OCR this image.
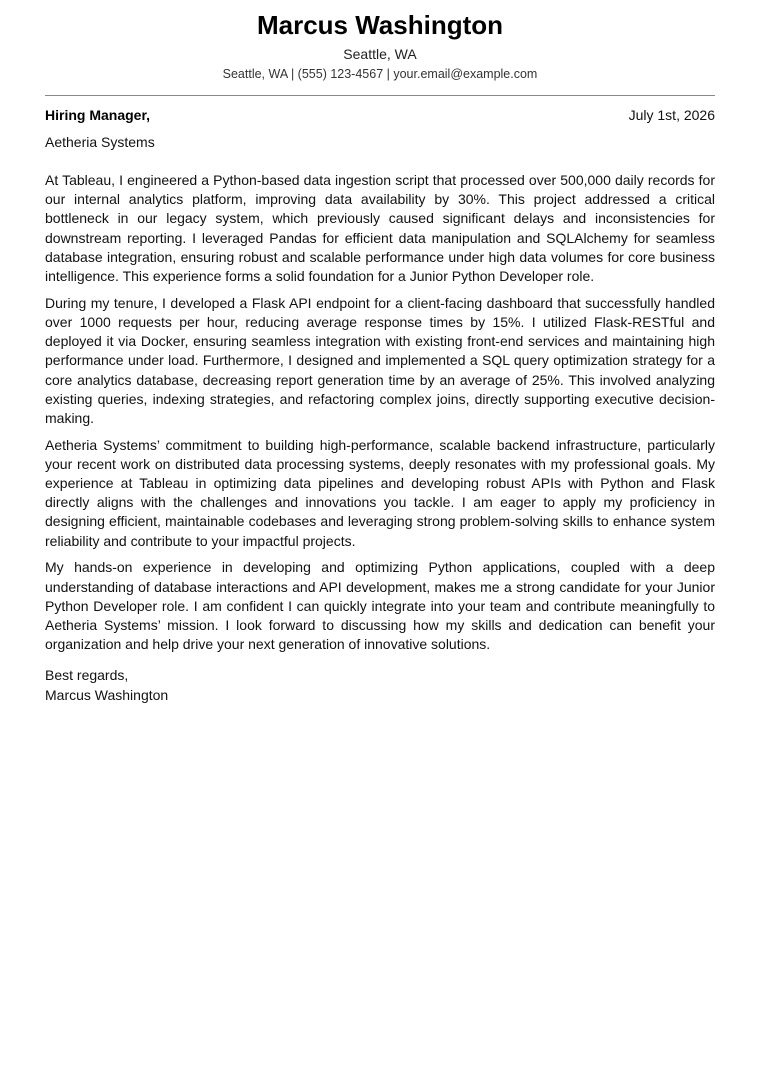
Marcus Washington
Seattle, WA
Seattle, WA | (555) 123-4567 | your.email@example.com
Hiring Manager,	July 1st, 2026
Aetheria Systems

At Tableau, I engineered a Python-based data ingestion script that processed over 500,000 daily records for our internal analytics platform, improving data availability by 30%. This project addressed a critical bottleneck in our legacy system, which previously caused significant delays and inconsistencies for downstream reporting. I leveraged Pandas for efficient data manipulation and SQLAlchemy for seamless database integration, ensuring robust and scalable performance under high data volumes for core business intelligence. This experience forms a solid foundation for a Junior Python Developer role.

During my tenure, I developed a Flask API endpoint for a client-facing dashboard that successfully handled over 1000 requests per hour, reducing average response times by 15%. I utilized Flask-RESTful and deployed it via Docker, ensuring seamless integration with existing front-end services and maintaining high performance under load. Furthermore, I designed and implemented a SQL query optimization strategy for a core analytics database, decreasing report generation time by an average of 25%. This involved analyzing existing queries, indexing strategies, and refactoring complex joins, directly supporting executive decision-making.

Aetheria Systems’ commitment to building high-performance, scalable backend infrastructure, particularly your recent work on distributed data processing systems, deeply resonates with my professional goals. My experience at Tableau in optimizing data pipelines and developing robust APIs with Python and Flask directly aligns with the challenges and innovations you tackle. I am eager to apply my proficiency in designing efficient, maintainable codebases and leveraging strong problem-solving skills to enhance system reliability and contribute to your impactful projects.

My hands-on experience in developing and optimizing Python applications, coupled with a deep understanding of database interactions and API development, makes me a strong candidate for your Junior Python Developer role. I am confident I can quickly integrate into your team and contribute meaningfully to Aetheria Systems’ mission. I look forward to discussing how my skills and dedication can benefit your organization and help drive your next generation of innovative solutions.

Best regards,
Marcus Washington
